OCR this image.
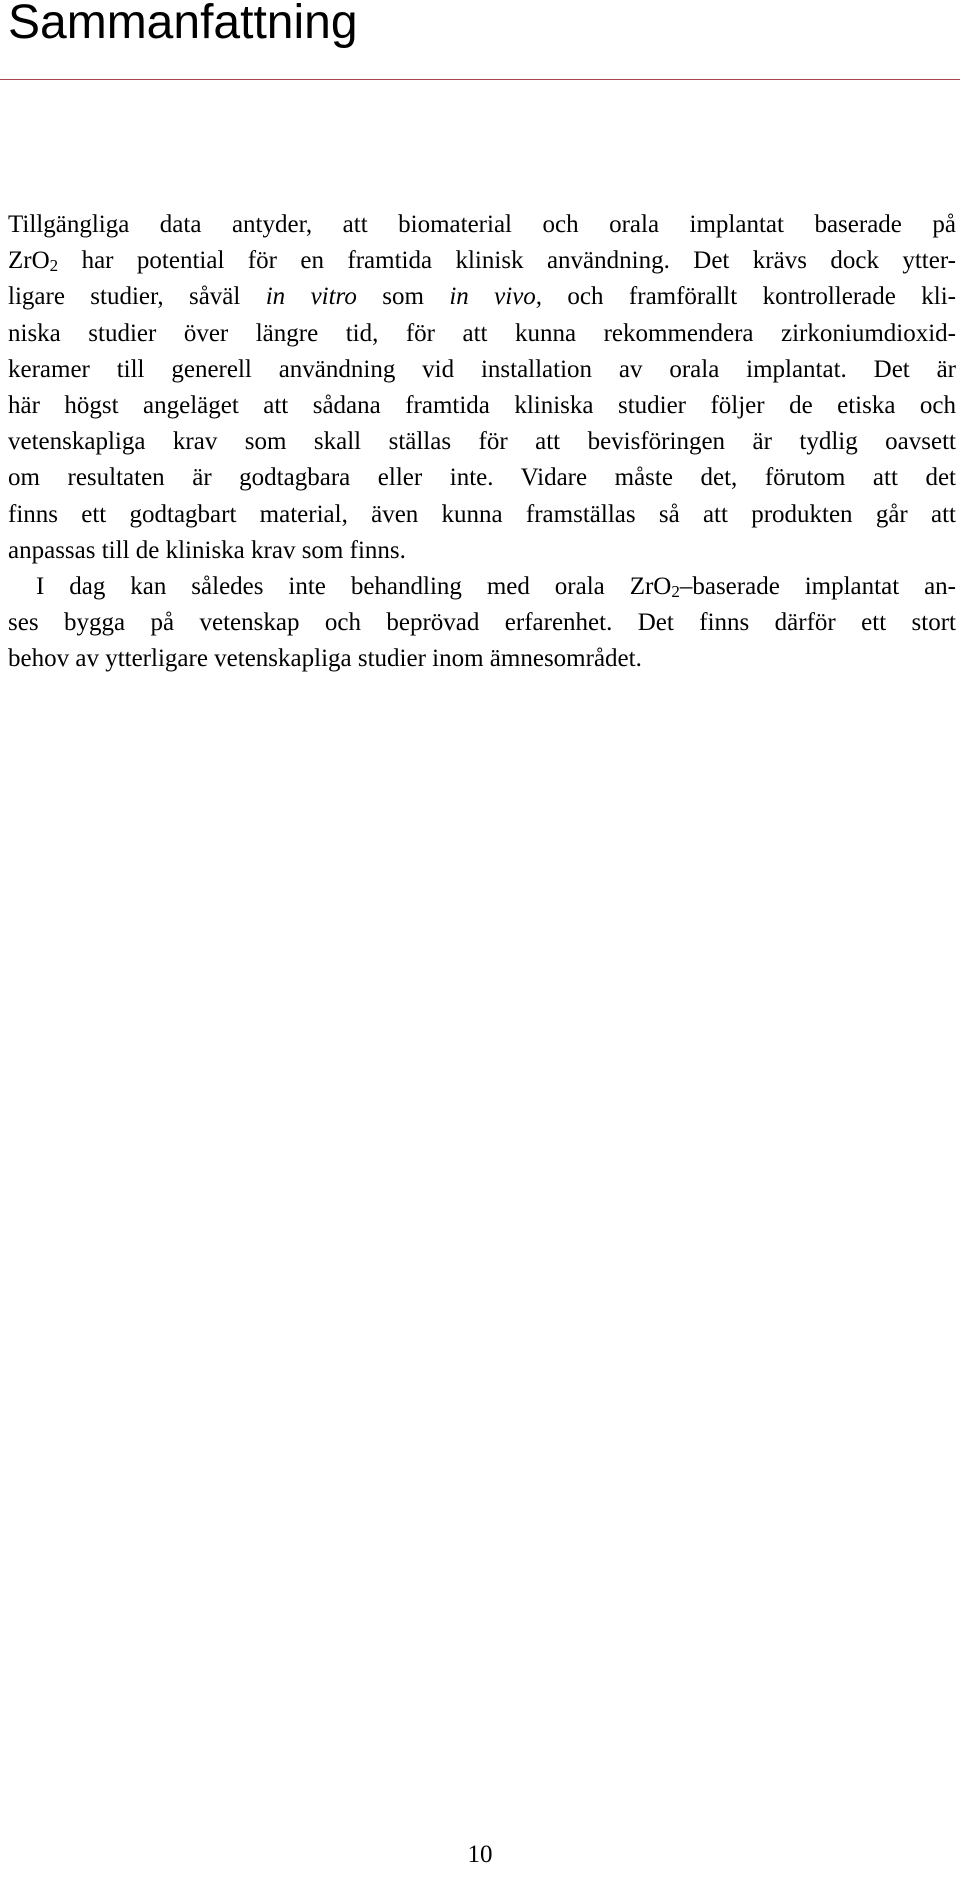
Sammanfattning
Tillgängliga data antyder, att biomaterial och orala implantat baserade på
ZrO2 har potential för en framtida klinisk användning. Det krävs dock ytter-
ligare studier, såväl in vitro som in vivo, och framförallt kontrollerade kli-
niska studier över längre tid, för att kunna rekommendera zirkoniumdioxid-
keramer till generell användning vid installation av orala implantat. Det är
här högst angeläget att sådana framtida kliniska studier följer de etiska och
vetenskapliga krav som skall ställas för att bevisföringen är tydlig oavsett
om resultaten är godtagbara eller inte. Vidare måste det, förutom att det
finns ett godtagbart material, även kunna framställas så att produkten går att
anpassas till de kliniska krav som finns.
I dag kan således inte behandling med orala ZrO2–baserade implantat an-
ses bygga på vetenskap och beprövad erfarenhet. Det finns därför ett stort
behov av ytterligare vetenskapliga studier inom ämnesområdet.
10
